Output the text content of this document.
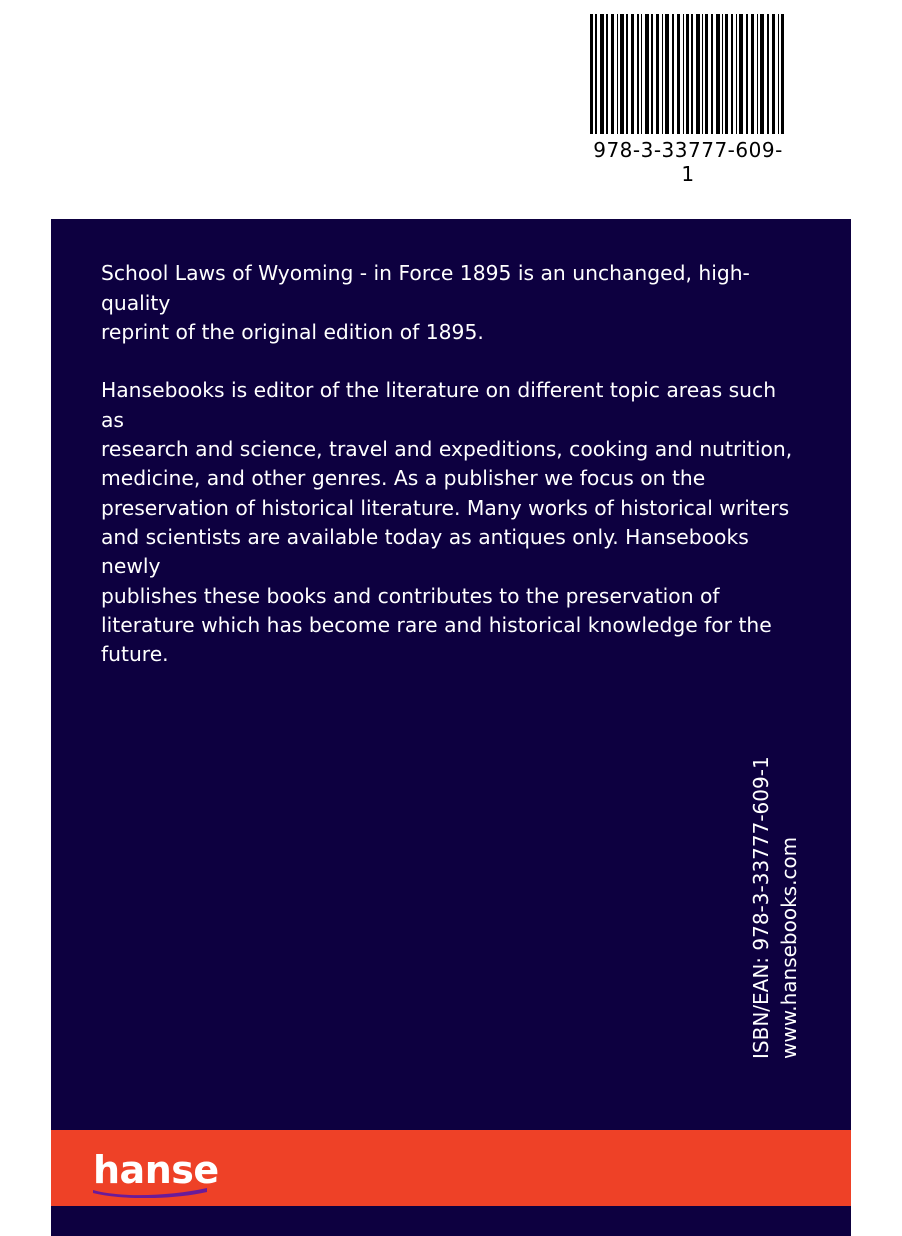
978-3-33777-609-1

School Laws of Wyoming - in Force 1895 is an unchanged, high-quality
reprint of the original edition of 1895.

Hansebooks is editor of the literature on different topic areas such as
research and science, travel and expeditions, cooking and nutrition,
medicine, and other genres. As a publisher we focus on the
preservation of historical literature. Many works of historical writers
and scientists are available today as antiques only. Hansebooks newly
publishes these books and contributes to the preservation of
literature which has become rare and historical knowledge for the
future.

ISBN/EAN: 978-3-33777-609-1 www.hansebooks.com
hanse
